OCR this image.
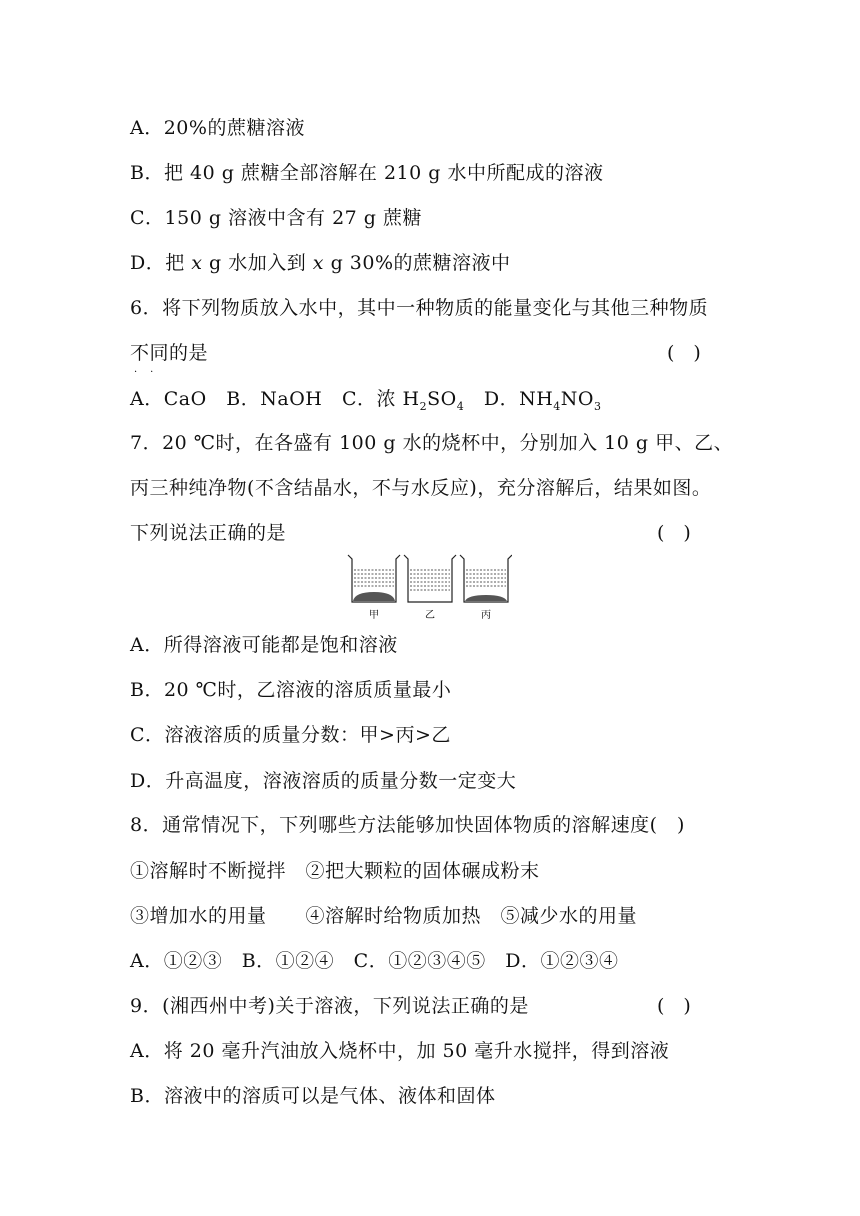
A．20%的蔗糖溶液
B．把 40 g 蔗糖全部溶解在 210 g 水中所配成的溶液
C．150 g 溶液中含有 27 g 蔗糖
D．把 x g 水加入到 x g 30%的蔗糖溶液中
6．将下列物质放入水中，其中一种物质的能量变化与其他三种物质
不同的是
··
(　)
A．CaO B．NaOH C．浓 $H_2SO_4$ D．$NH_4NO_3$
7．20 ℃时，在各盛有 100 g 水的烧杯中，分别加入 10 g 甲、乙、
丙三种纯净物(不含结晶水，不与水反应)，充分溶解后，结果如图。
下列说法正确的是	(　)
甲	乙	丙
A．所得溶液可能都是饱和溶液
B．20 ℃时，乙溶液的溶质质量最小
C．溶液溶质的质量分数：甲>丙>乙
D．升高温度，溶液溶质的质量分数一定变大
8．通常情况下，下列哪些方法能够加快固体物质的溶解速度(　)
①溶解时不断搅拌　②把大颗粒的固体碾成粉末
③增加水的用量　　④溶解时给物质加热　⑤减少水的用量
A．①②③　B．①②④　C．①②③④⑤　D．①②③④
9．(湘西州中考)关于溶液，下列说法正确的是	(　)
A．将 20 毫升汽油放入烧杯中，加 50 毫升水搅拌，得到溶液
B．溶液中的溶质可以是气体、液体和固体
